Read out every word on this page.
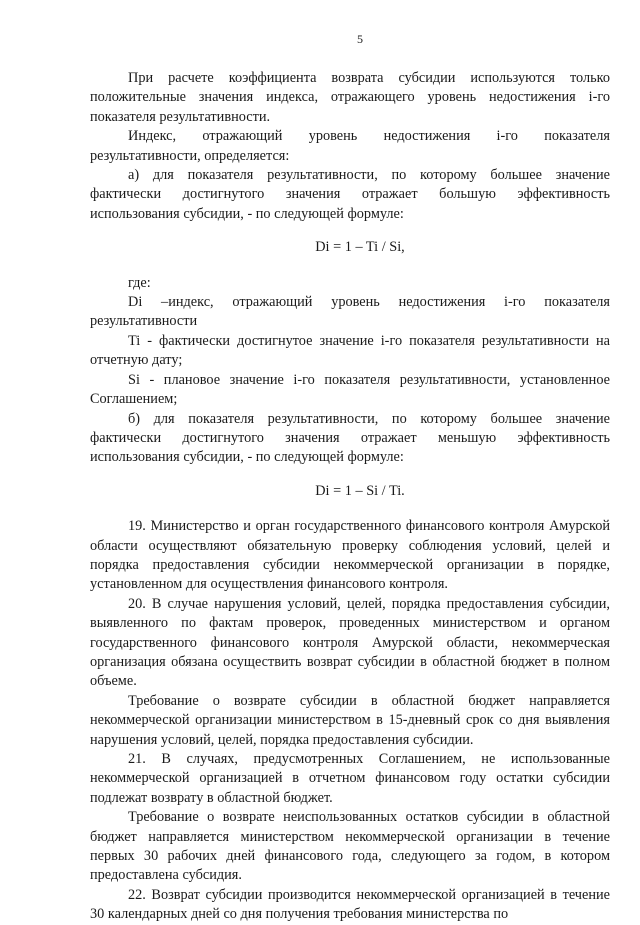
5

При расчете коэффициента возврата субсидии используются только положительные значения индекса, отражающего уровень недостижения i-го показателя результативности.

Индекс, отражающий уровень недостижения i-го показателя результативности, определяется:

а) для показателя результативности, по которому большее значение фактически достигнутого значения отражает большую эффективность использования субсидии, - по следующей формуле:

Di = 1 – Ti / Si,

где:

Di –индекс, отражающий уровень недостижения i-го показателя результативности

Ti - фактически достигнутое значение i-го показателя результативности на отчетную дату;

Si - плановое значение i-го показателя результативности, установленное Соглашением;

б) для показателя результативности, по которому большее значение фактически достигнутого значения отражает меньшую эффективность использования субсидии, - по следующей формуле:

Di = 1 – Si / Ti.

19. Министерство и орган государственного финансового контроля Амурской области осуществляют обязательную проверку соблюдения условий, целей и порядка предоставления субсидии некоммерческой организации в порядке, установленном для осуществления финансового контроля.

20. В случае нарушения условий, целей, порядка предоставления субсидии, выявленного по фактам проверок, проведенных министерством и органом государственного финансового контроля Амурской области, некоммерческая организация обязана осуществить возврат субсидии в областной бюджет в полном объеме.

Требование о возврате субсидии в областной бюджет направляется некоммерческой организации министерством в 15-дневный срок со дня выявления нарушения условий, целей, порядка предоставления субсидии.

21. В случаях, предусмотренных Соглашением, не использованные некоммерческой организацией в отчетном финансовом году остатки субсидии подлежат возврату в областной бюджет.

Требование о возврате неиспользованных остатков субсидии в областной бюджет направляется министерством некоммерческой организации в течение первых 30 рабочих дней финансового года, следующего за годом, в котором предоставлена субсидия.

22. Возврат субсидии производится некоммерческой организацией в течение 30 календарных дней со дня получения требования министерства по
